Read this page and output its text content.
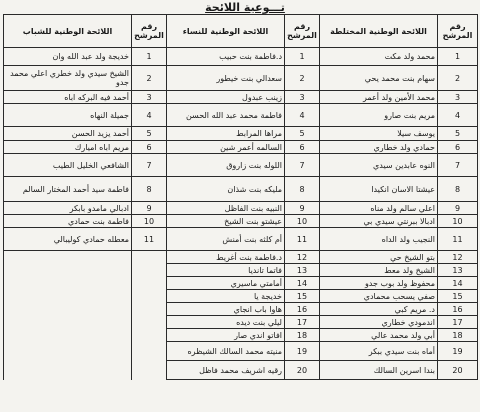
تـــوعية اللائحة
رقم المرشح	اللائحة الوطنية المختلطة	رقم المرشح	اللائحة الوطنية للنساء	رقم المرشح	اللائحة الوطنية للشباب
1	محمد ولد مكت	1	د.فاطمة بنت حبيب	1	خديجة ولد عبد الله وان
2	سهام بنت محمد يحي	2	سعدالي بنت خيطور	2	الشيخ سيدي ولد خطري اعلي محمد جدو
3	محمد الأمين ولد أعمر	3	زينب عبدول	3	أحمد فيه البركه اباه
4	مريم بنت صارو	4	فاطمة محمد عبد الله الحسن	4	جميلة النهاه
5	يوسف سيلا	5	مراها المرابط	5	أحمد يزيد الحسن
6	حمادي ولد خطاري	6	السالمه أعمر شين	6	مريم اباه اميارك
7	النوه عابدين سيدي	7	اللوله بنت زاروق	7	الشافعي الخليل الطيب
8	عيشتا الاسان انكيدا	8	مليكه بنت شذان	8	فاطمة سيد أحمد المختار السالم
9	اعلي سالم ولد مناه	9	النبيه بنت الفاظل	9	ادبالي مامدو بابكر
10	ادبالا ببرنتي سيدي بي	10	عيشتو بنت الشيخ	10	فاطمة بنت حمادي
11	النجيب ولد الداه	11	أم كلثه بنت أمنش	11	معطله حمادي كوليبالي
12	بتو الشيخ حي	12	د.فاطمة بنت أغريط		
13	الشيخ ولد معط	13	فاتما تاندیا		
14	محفوظ ولد بوب جدو	14	أمامتي ماسيري		
15	صفي يسحب محمادي	15	خديجة يا		
16	د. مريم كبي	16	هاوا باب انجاي		
17	اندمودي خطاري	17	ليلي بنت ديده		
18	أبي ولد محمد عالي	18	افاتو اندي صار		
19	أماه بنت سيدي ببكر	19	منيته محمد السالك الشيظره		
20	بندا اسرين السالك	20	رقيه اشريف محمد فاظل		
